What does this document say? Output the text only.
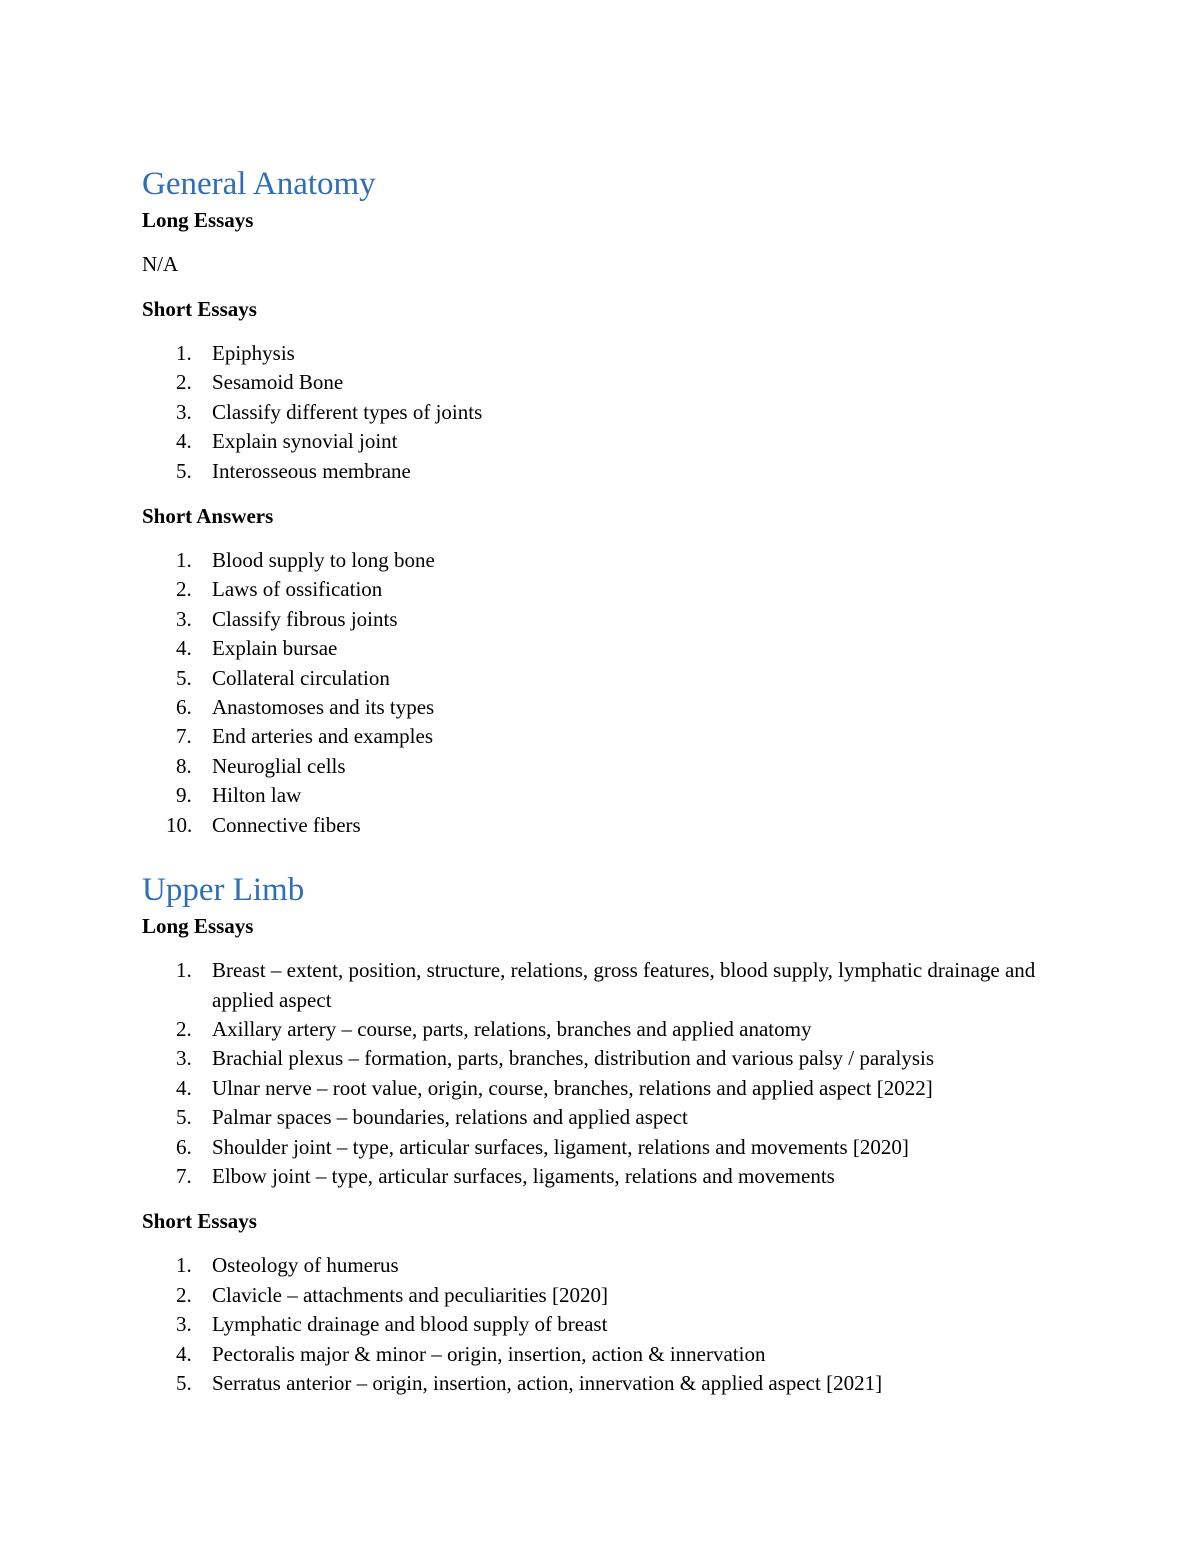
General Anatomy

Long Essays

N/A

Short Essays

1. Epiphysis
2. Sesamoid Bone
3. Classify different types of joints
4. Explain synovial joint
5. Interosseous membrane

Short Answers

1. Blood supply to long bone
2. Laws of ossification
3. Classify fibrous joints
4. Explain bursae
5. Collateral circulation
6. Anastomoses and its types
7. End arteries and examples
8. Neuroglial cells
9. Hilton law
10. Connective fibers
Upper Limb

Long Essays

1. Breast – extent, position, structure, relations, gross features, blood supply, lymphatic drainage and applied aspect
2. Axillary artery – course, parts, relations, branches and applied anatomy
3. Brachial plexus – formation, parts, branches, distribution and various palsy / paralysis
4. Ulnar nerve – root value, origin, course, branches, relations and applied aspect [2022]
5. Palmar spaces – boundaries, relations and applied aspect
6. Shoulder joint – type, articular surfaces, ligament, relations and movements [2020]
7. Elbow joint – type, articular surfaces, ligaments, relations and movements

Short Essays

1. Osteology of humerus
2. Clavicle – attachments and peculiarities [2020]
3. Lymphatic drainage and blood supply of breast
4. Pectoralis major & minor – origin, insertion, action & innervation
5. Serratus anterior – origin, insertion, action, innervation & applied aspect [2021]
